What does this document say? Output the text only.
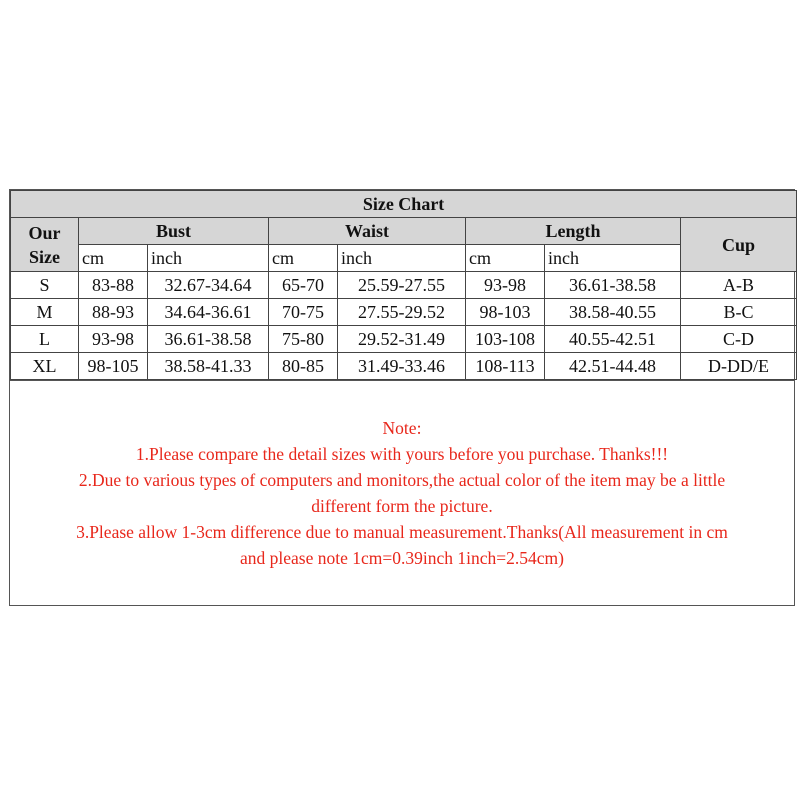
Size Chart							
Our
Size	Bust		Waist		Length		Cup
	cm	inch	cm	inch	cm	inch	
S	83-88	32.67-34.64	65-70	25.59-27.55	93-98	36.61-38.58	A-B
M	88-93	34.64-36.61	70-75	27.55-29.52	98-103	38.58-40.55	B-C
L	93-98	36.61-38.58	75-80	29.52-31.49	103-108	40.55-42.51	C-D
XL	98-105	38.58-41.33	80-85	31.49-33.46	108-113	42.51-44.48	D-DD/E
Note:
1.Please compare the detail sizes with yours before you purchase. Thanks!!!
2.Due to various types of computers and monitors,the actual color of the item may be a little
different form the picture.
3.Please allow 1-3cm difference due to manual measurement.Thanks(All measurement in cm
and please note 1cm=0.39inch 1inch=2.54cm)
